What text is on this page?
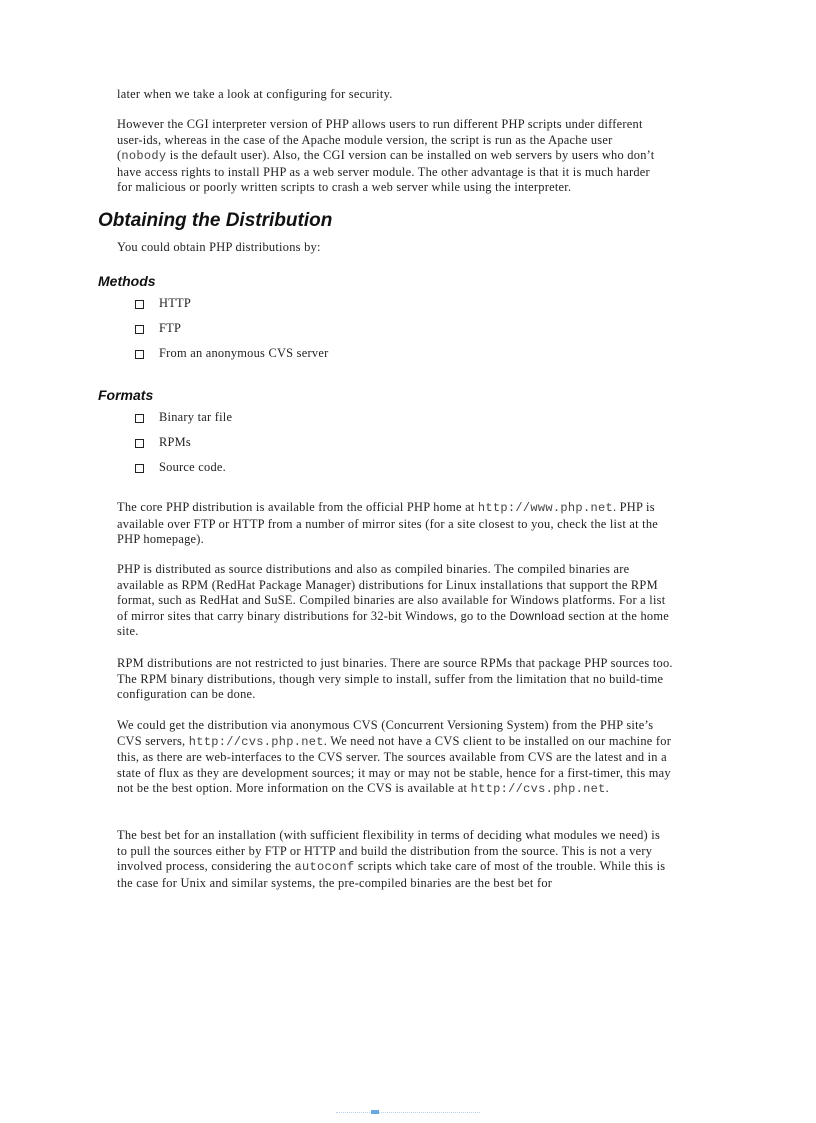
later when we take a look at configuring for security.

However the CGI interpreter version of PHP allows users to run different PHP scripts under different user-ids, whereas in the case of the Apache module version, the script is run as the Apache user (nobody is the default user). Also, the CGI version can be installed on web servers by users who don’t have access rights to install PHP as a web server module. The other advantage is that it is much harder for malicious or poorly written scripts to crash a web server while using the interpreter.

Obtaining the Distribution

You could obtain PHP distributions by:

Methods
HTTP
FTP
From an anonymous CVS server
Formats
Binary tar file
RPMs
Source code.

The core PHP distribution is available from the official PHP home at http://www.php.net. PHP is available over FTP or HTTP from a number of mirror sites (for a site closest to you, check the list at the PHP homepage).

PHP is distributed as source distributions and also as compiled binaries. The compiled binaries are available as RPM (RedHat Package Manager) distributions for Linux installations that support the RPM format, such as RedHat and SuSE. Compiled binaries are also available for Windows platforms. For a list of mirror sites that carry binary distributions for 32-bit Windows, go to the Download section at the home site.

RPM distributions are not restricted to just binaries. There are source RPMs that package PHP sources too. The RPM binary distributions, though very simple to install, suffer from the limitation that no build-time configuration can be done.

We could get the distribution via anonymous CVS (Concurrent Versioning System) from the PHP site’s CVS servers, http://cvs.php.net. We need not have a CVS client to be installed on our machine for this, as there are web-interfaces to the CVS server. The sources available from CVS are the latest and in a state of flux as they are development sources; it may or may not be stable, hence for a first-timer, this may not be the best option. More information on the CVS is available at http://cvs.php.net.

The best bet for an installation (with sufficient flexibility in terms of deciding what modules we need) is to pull the sources either by FTP or HTTP and build the distribution from the source. This is not a very involved process, considering the autoconf scripts which take care of most of the trouble. While this is the case for Unix and similar systems, the pre-compiled binaries are the best bet for
